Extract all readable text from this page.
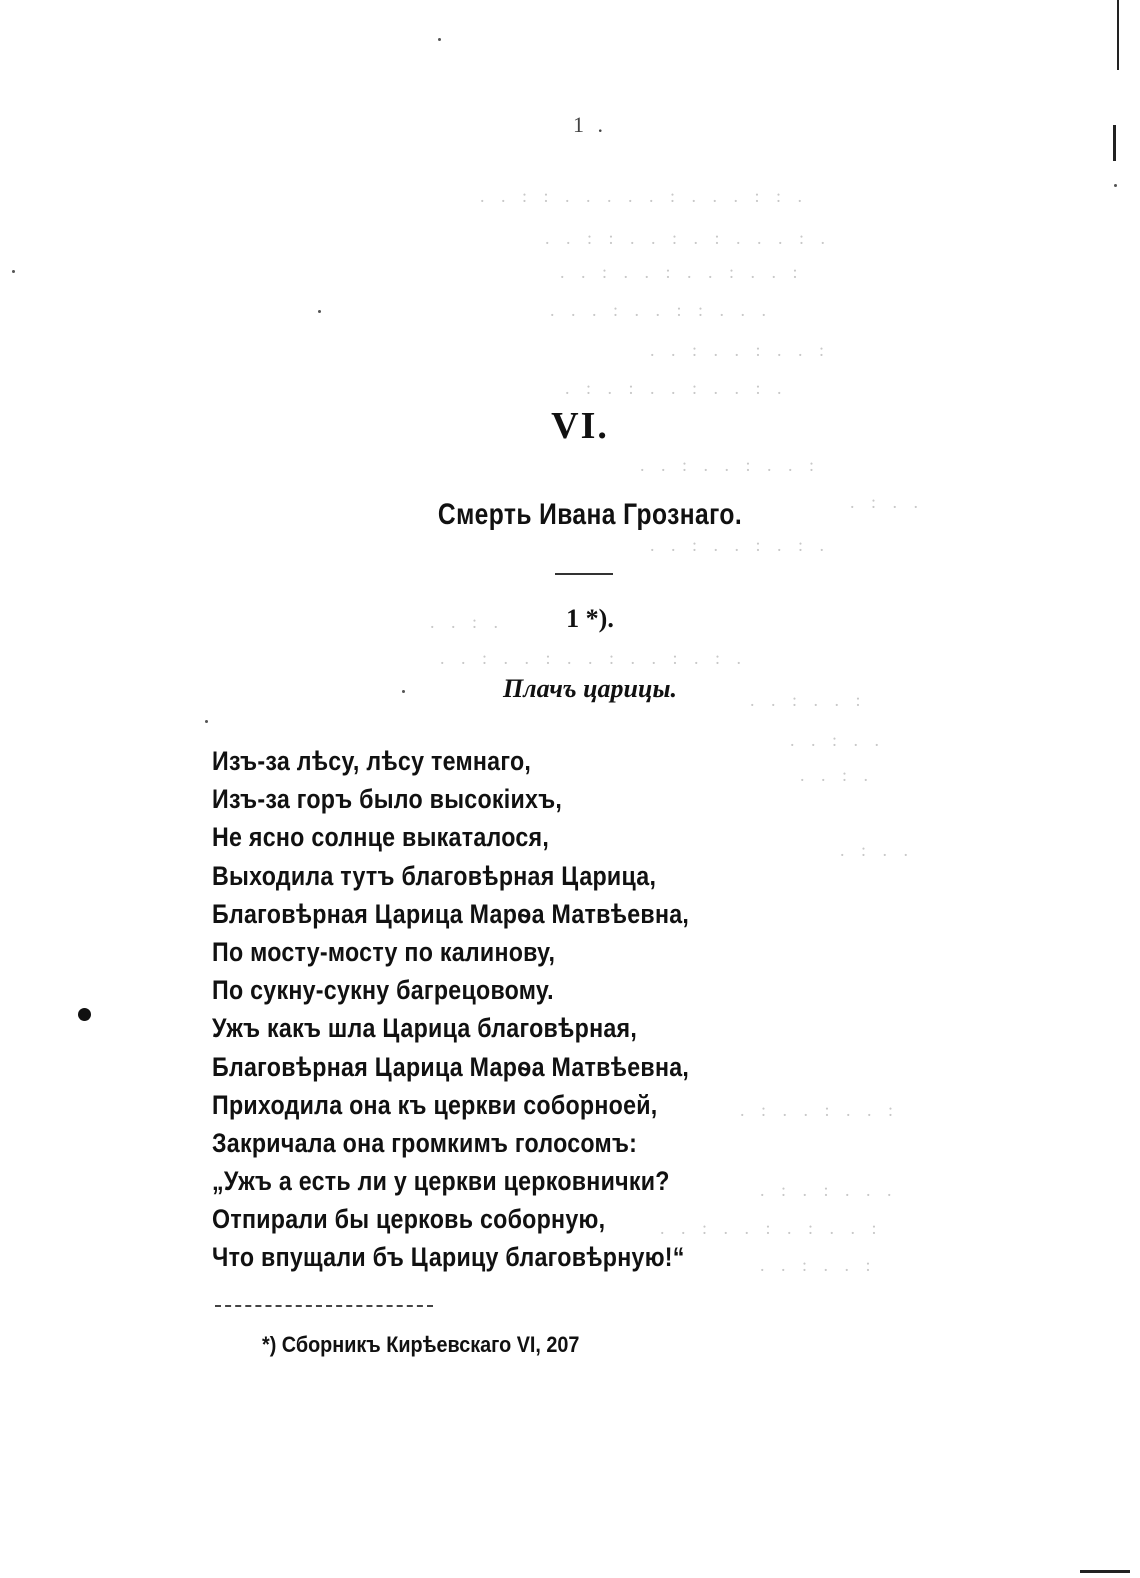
. . : : . . . . . : . . . : : .
. . : : . . : . : . . . : .
. . : . . : . . : . . :
. . . : . . : : . . .
. . : . . : . . :
. : . : . . : . . : .
. . : . . : . . :
. : . .
. . : . . : . : .
. . : .
. . : . . : . . : . . : . : .
. . : . . :
. . : . .
. . : .
. : . .
. : . . : . . :
. : . : . . .
. . : . . : . : . . :
. . : . . :
1 .
VI.
Смерть Ивана Грознаго.
1 *).
Плачъ царицы.
Изъ-за лѣсу, лѣсу темнаго,
Изъ-за горъ было высокіихъ,
Не ясно солнце выкаталося,
Выходила тутъ благовѣрная Царица,
Благовѣрная Царица Марѳа Матвѣевна,
По мосту-мосту по калинову,
По сукну-сукну багрецовому.
Ужъ какъ шла Царица благовѣрная,
Благовѣрная Царица Марѳа Матвѣевна,
Приходила она къ церкви соборноей,
Закричала она громкимъ голосомъ:
„Ужъ а есть ли у церкви церковнички?
Отпирали бы церковь соборную,
Что впущали бъ Царицу благовѣрную!“
*) Сборникъ Кирѣевскаго VI, 207
